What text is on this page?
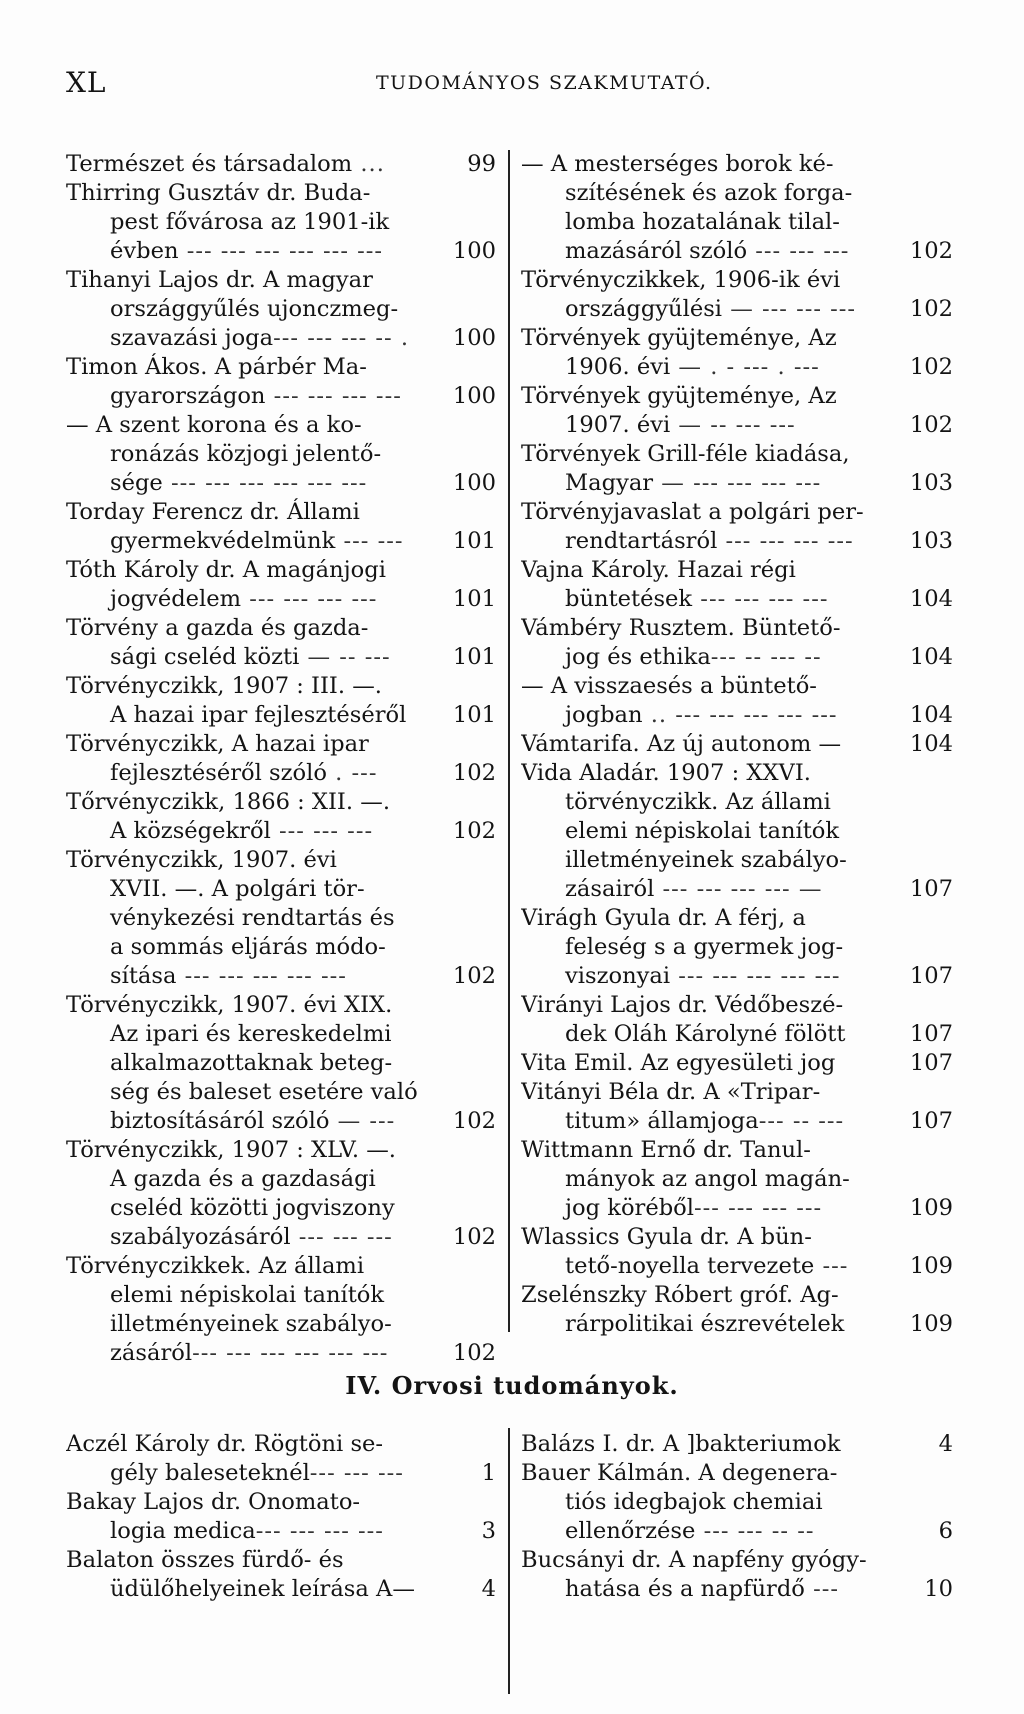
XL	TUDOMÁNYOS SZAKMUTATÓ.
Természet és társadalom ...	99
Thirring Gusztáv dr. Buda-
pest fővárosa az 1901-ik
évben --- --- --- --- --- ---	100
Tihanyi Lajos dr. A magyar
országgyűlés ujonczmeg-
szavazási joga--- --- --- -- .	100
Timon Ákos. A párbér Ma-
gyarországon --- --- --- ---	100
— A szent korona és a ko-
ronázás közjogi jelentő-
sége --- --- --- --- --- ---	100
Torday Ferencz dr. Állami
gyermekvédelmünk --- ---	101
Tóth Károly dr. A magánjogi
jogvédelem --- --- --- ---	101
Törvény a gazda és gazda-
sági cseléd közti — -- ---	101
Törvényczikk, 1907 : III. —.
A hazai ipar fejlesztéséről	101
Törvényczikk, A hazai ipar
fejlesztéséről szóló . ---	102
Tőrvényczikk, 1866 : XII. —.
A községekről --- --- ---	102
Törvényczikk, 1907. évi
XVII. —. A polgári tör-
vénykezési rendtartás és
a sommás eljárás módo-
sítása --- --- --- --- ---	102
Törvényczikk, 1907. évi XIX.
Az ipari és kereskedelmi
alkalmazottaknak beteg-
ség és baleset esetére való
biztosításáról szóló — ---	102
Törvényczikk, 1907 : XLV. —.
A gazda és a gazdasági
cseléd közötti jogviszony
szabályozásáról --- --- ---	102
Törvényczikkek. Az állami
elemi népiskolai tanítók
illetményeinek szabályo-
zásáról--- --- --- --- --- ---	102
— A mesterséges borok ké-
szítésének és azok forga-
lomba hozatalának tilal-
mazásáról szóló --- --- ---	102
Törvényczikkek, 1906-ik évi
országgyűlési — --- --- ---	102
Törvények gyüjteménye, Az
1906. évi — . - --- . ---	102
Törvények gyüjteménye, Az
1907. évi — -- --- ---	102
Törvények Grill-féle kiadása,
Magyar — --- --- --- ---	103
Törvényjavaslat a polgári per-
rendtartásról --- --- --- ---	103
Vajna Károly. Hazai régi
büntetések --- --- --- ---	104
Vámbéry Rusztem. Büntető-
jog és ethika--- -- --- --	104
— A visszaesés a büntető-
jogban .. --- --- --- --- ---	104
Vámtarifa. Az új autonom —	104
Vida Aladár. 1907 : XXVI.
törvényczikk. Az állami
elemi népiskolai tanítók
illetményeinek szabályo-
zásairól --- --- --- --- —	107
Virágh Gyula dr. A férj, a
feleség s a gyermek jog-
viszonyai --- --- --- --- ---	107
Virányi Lajos dr. Védőbeszé-
dek Oláh Károlyné fölött	107
Vita Emil. Az egyesületi jog	107
Vitányi Béla dr. A «Tripar-
titum» államjoga--- -- ---	107
Wittmann Ernő dr. Tanul-
mányok az angol magán-
jog köréből--- --- --- ---	109
Wlassics Gyula dr. A bün-
tető-noyella tervezete ---	109
Zselénszky Róbert gróf. Ag-
rárpolitikai észrevételek	109
IV. Orvosi tudományok.
Aczél Károly dr. Rögtöni se-
gély baleseteknél--- --- ---	1
Bakay Lajos dr. Onomato-
logia medica--- --- --- ---	3
Balaton összes fürdő- és
üdülőhelyeinek leírása A—	4
Balázs I. dr. A ]bakteriumok	4
Bauer Kálmán. A degenera-
tiós idegbajok chemiai
ellenőrzése --- --- -- --	6
Bucsányi dr. A napfény gyógy-
hatása és a napfürdő ---	10
